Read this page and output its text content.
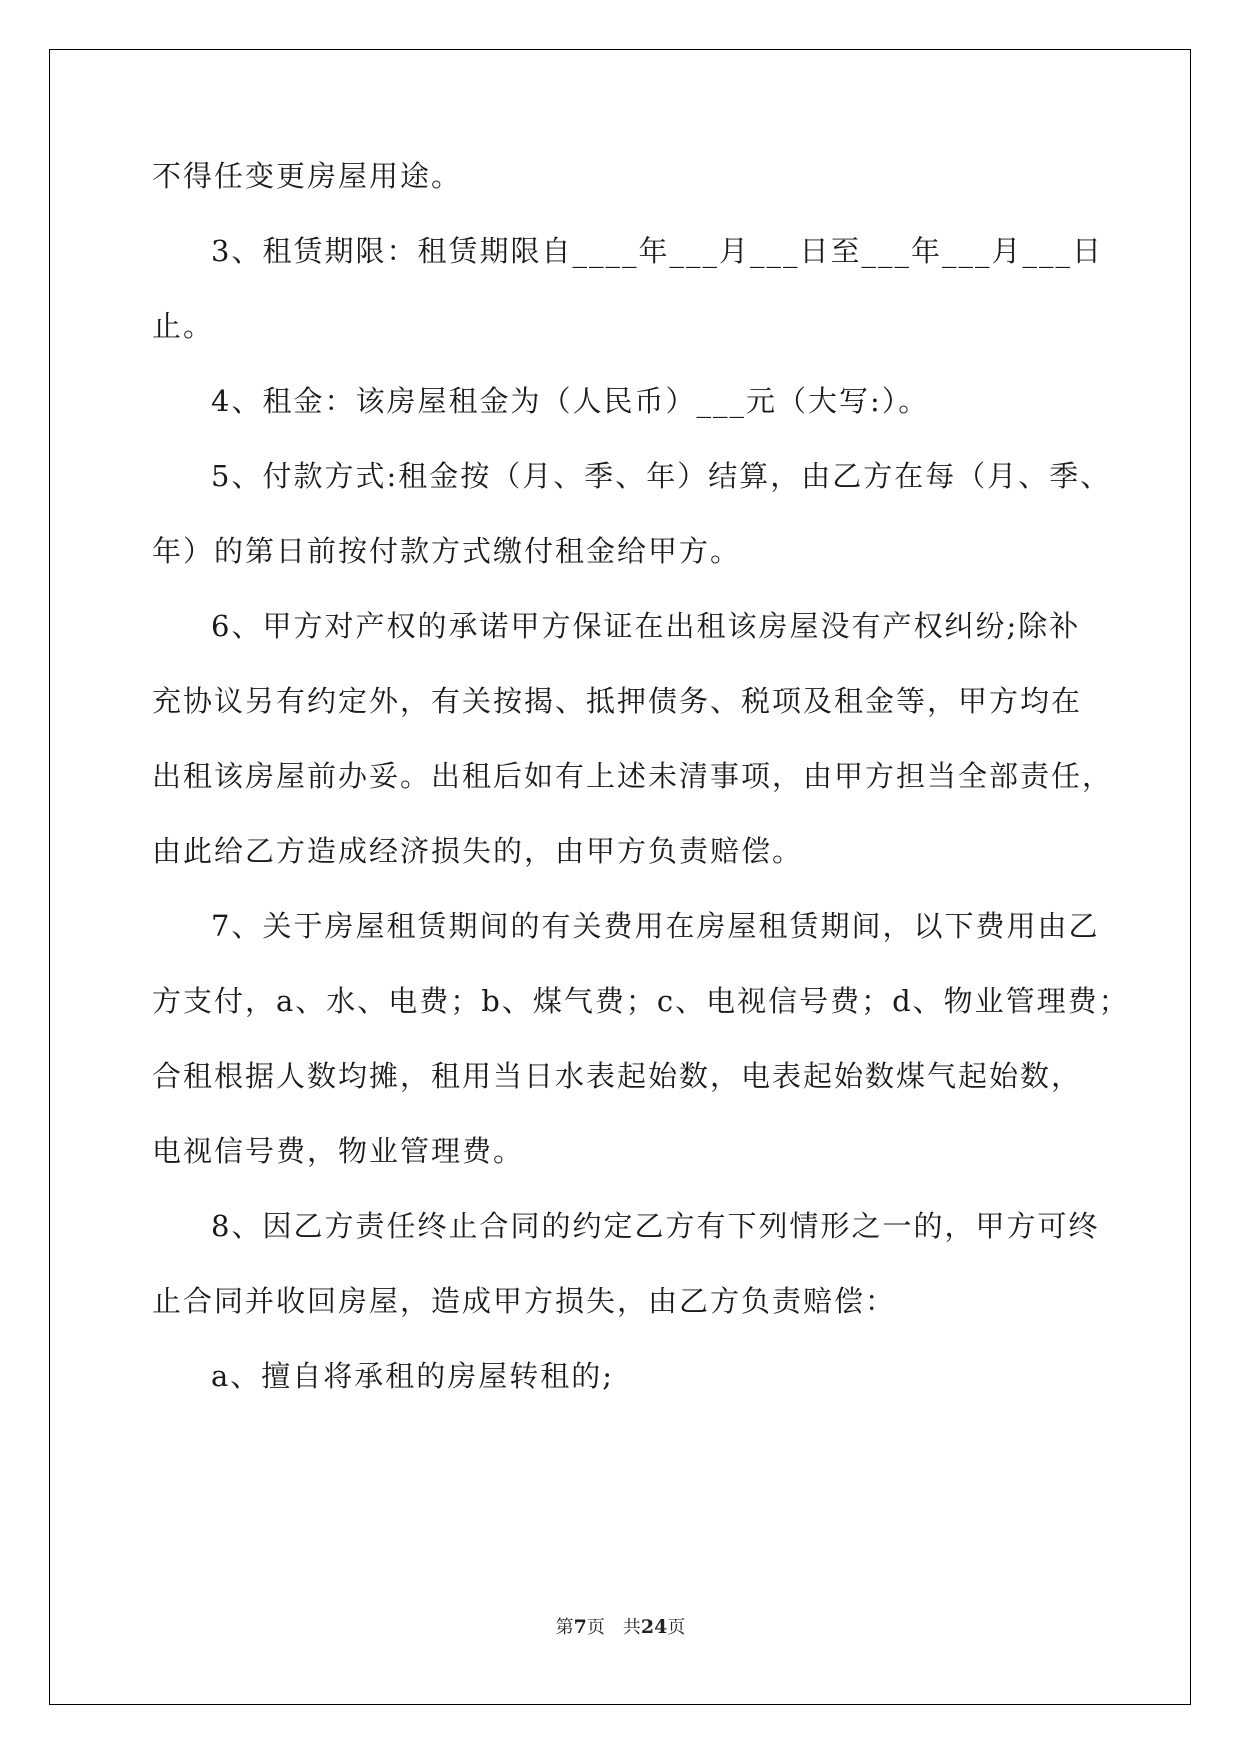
不得任变更房屋用途。
3、租赁期限：租赁期限自____年___月___日至___年___月___日
止。
4、租金：该房屋租金为（人民币）___元（大写:）。
5、付款方式:租金按（月、季、年）结算，由乙方在每（月、季、
年）的第日前按付款方式缴付租金给甲方。
6、甲方对产权的承诺甲方保证在出租该房屋没有产权纠纷;除补
充协议另有约定外，有关按揭、抵押债务、税项及租金等，甲方均在
出租该房屋前办妥。出租后如有上述未清事项，由甲方担当全部责任，
由此给乙方造成经济损失的，由甲方负责赔偿。
7、关于房屋租赁期间的有关费用在房屋租赁期间，以下费用由乙
方支付，a、水、电费；b、煤气费；c、电视信号费；d、物业管理费；
合租根据人数均摊，租用当日水表起始数，电表起始数煤气起始数，
电视信号费，物业管理费。
8、因乙方责任终止合同的约定乙方有下列情形之一的，甲方可终
止合同并收回房屋，造成甲方损失，由乙方负责赔偿：
a、擅自将承租的房屋转租的;
第7页　共24页
